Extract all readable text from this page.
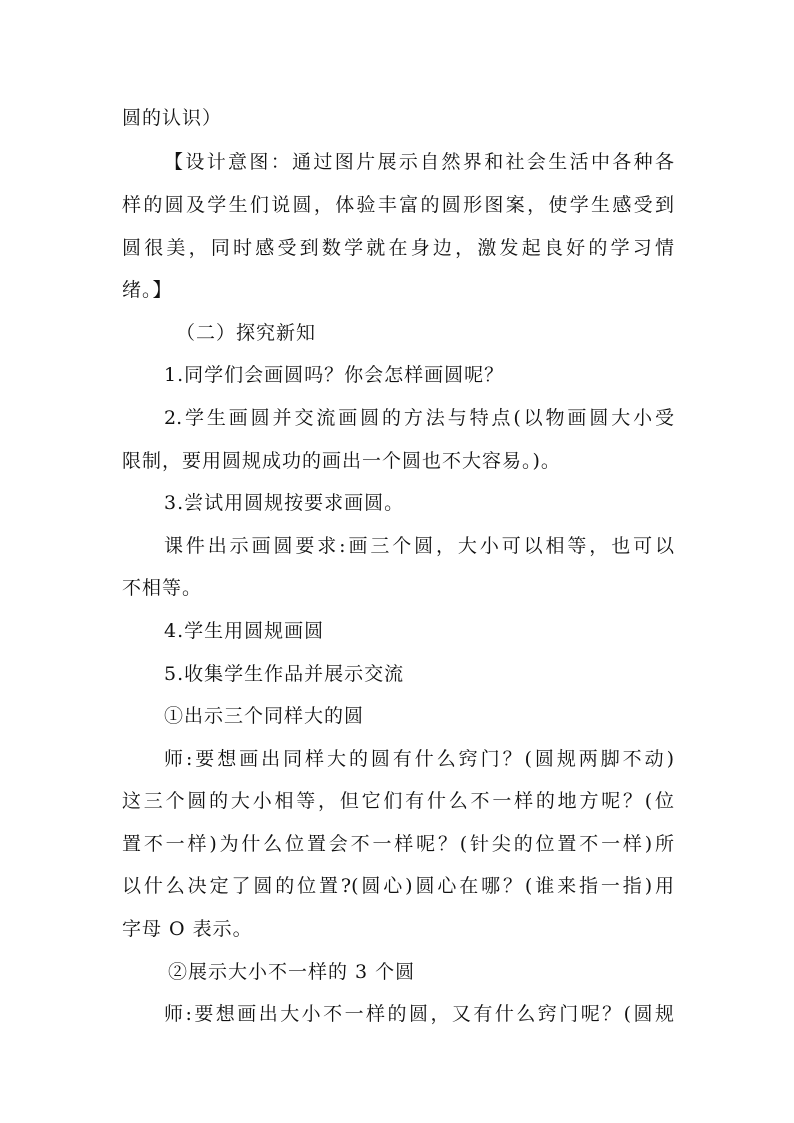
圆的认识）
【设计意图：通过图片展示自然界和社会生活中各种各
样的圆及学生们说圆，体验丰富的圆形图案，使学生感受到
圆很美，同时感受到数学就在身边，激发起良好的学习情
绪。】
（二）探究新知
1.同学们会画圆吗？你会怎样画圆呢？
2.学生画圆并交流画圆的方法与特点(以物画圆大小受
限制，要用圆规成功的画出一个圆也不大容易。)。
3.尝试用圆规按要求画圆。
课件出示画圆要求:画三个圆，大小可以相等，也可以
不相等。
4.学生用圆规画圆
5.收集学生作品并展示交流
①出示三个同样大的圆
师:要想画出同样大的圆有什么窍门？(圆规两脚不动)
这三个圆的大小相等，但它们有什么不一样的地方呢？(位
置不一样)为什么位置会不一样呢？(针尖的位置不一样)所
以什么决定了圆的位置?(圆心)圆心在哪？(谁来指一指)用
字母 O 表示。
②展示大小不一样的 3 个圆
师:要想画出大小不一样的圆，又有什么窍门呢？(圆规
